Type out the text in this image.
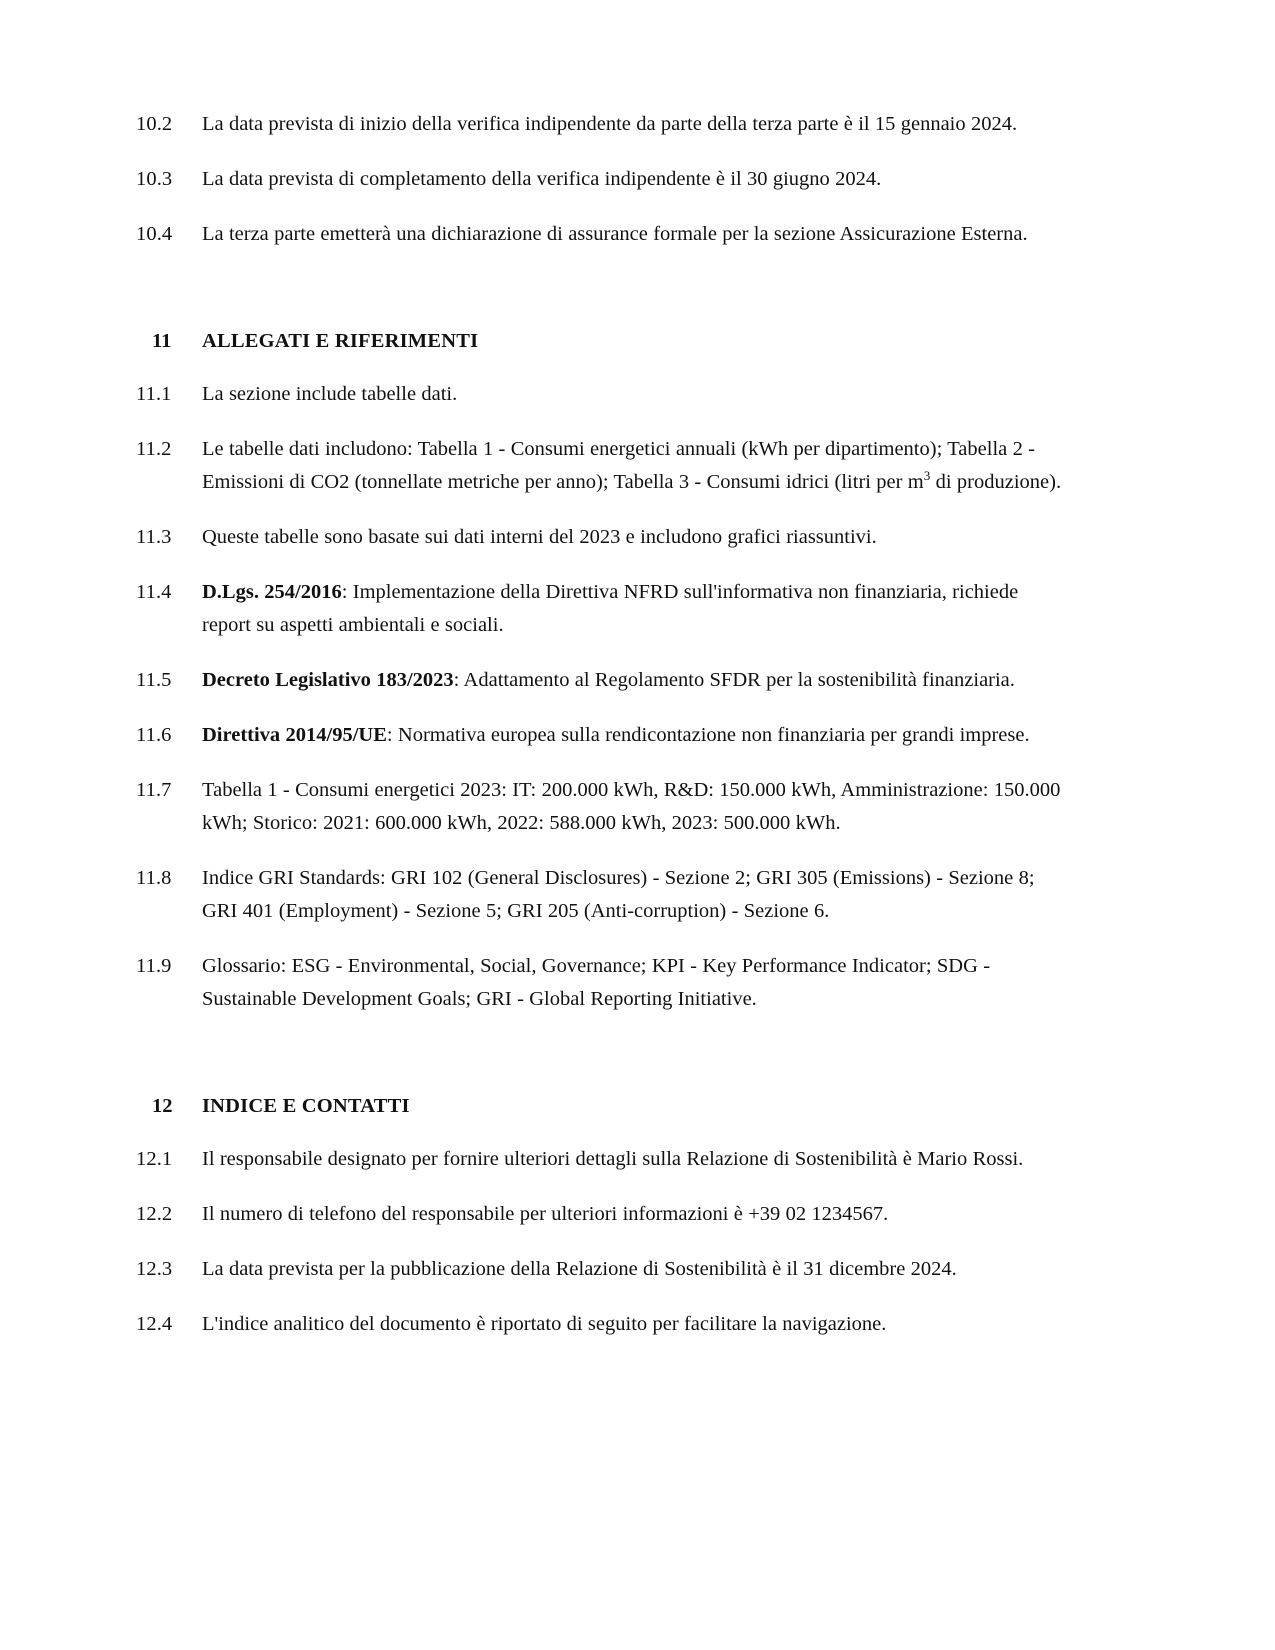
10.2	La data prevista di inizio della verifica indipendente da parte della terza parte è il 15 gennaio 2024.
10.3	La data prevista di completamento della verifica indipendente è il 30 giugno 2024.
10.4	La terza parte emetterà una dichiarazione di assurance formale per la sezione Assicurazione Esterna.
11	ALLEGATI E RIFERIMENTI
11.1	La sezione include tabelle dati.
11.2	Le tabelle dati includono: Tabella 1 - Consumi energetici annuali (kWh per dipartimento); Tabella 2 - Emissioni di CO2 (tonnellate metriche per anno); Tabella 3 - Consumi idrici (litri per $m^3$ di produzione).
11.3	Queste tabelle sono basate sui dati interni del 2023 e includono grafici riassuntivi.
11.4	D.Lgs. 254/2016: Implementazione della Direttiva NFRD sull'informativa non finanziaria, richiede report su aspetti ambientali e sociali.
11.5	Decreto Legislativo 183/2023: Adattamento al Regolamento SFDR per la sostenibilità finanziaria.
11.6	Direttiva 2014/95/UE: Normativa europea sulla rendicontazione non finanziaria per grandi imprese.
11.7	Tabella 1 - Consumi energetici 2023: IT: 200.000 kWh, R&D: 150.000 kWh, Amministrazione: 150.000 kWh; Storico: 2021: 600.000 kWh, 2022: 588.000 kWh, 2023: 500.000 kWh.
11.8	Indice GRI Standards: GRI 102 (General Disclosures) - Sezione 2; GRI 305 (Emissions) - Sezione 8; GRI 401 (Employment) - Sezione 5; GRI 205 (Anti-corruption) - Sezione 6.
11.9	Glossario: ESG - Environmental, Social, Governance; KPI - Key Performance Indicator; SDG - Sustainable Development Goals; GRI - Global Reporting Initiative.
12	INDICE E CONTATTI
12.1	Il responsabile designato per fornire ulteriori dettagli sulla Relazione di Sostenibilità è Mario Rossi.
12.2	Il numero di telefono del responsabile per ulteriori informazioni è +39 02 1234567.
12.3	La data prevista per la pubblicazione della Relazione di Sostenibilità è il 31 dicembre 2024.
12.4	L'indice analitico del documento è riportato di seguito per facilitare la navigazione.
